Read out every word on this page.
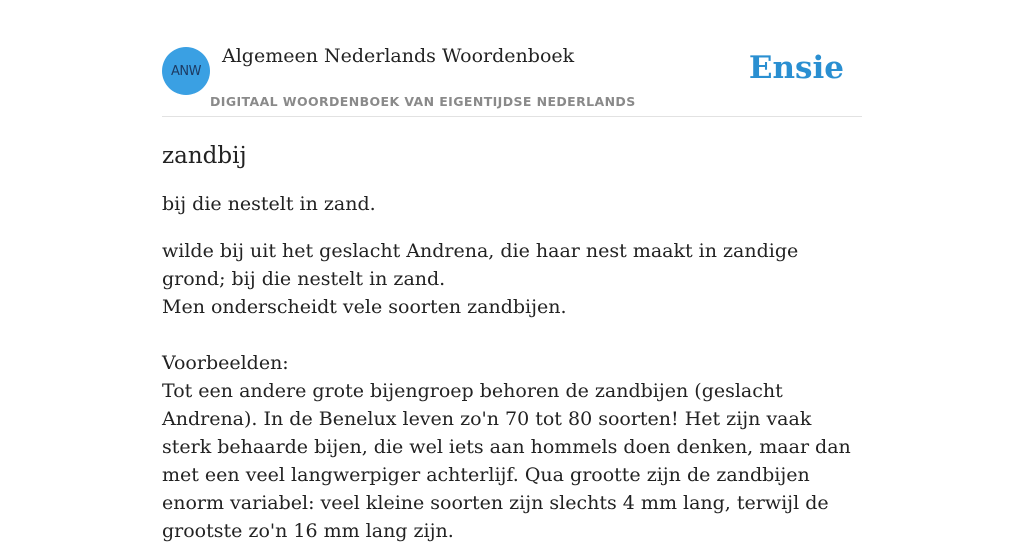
ANW
Algemeen Nederlands Woordenboek
DIGITAAL WOORDENBOEK VAN EIGENTIJDSE NEDERLANDS
Ensie
zandbij
bij die nestelt in zand.

wilde bij uit het geslacht Andrena, die haar nest maakt in zandige grond; bij die nestelt in zand.

Men onderscheidt vele soorten zandbijen.

Voorbeelden:

Tot een andere grote bijengroep behoren de zandbijen (geslacht Andrena). In de Benelux leven zo'n 70 tot 80 soorten! Het zijn vaak sterk behaarde bijen, die wel iets aan hommels doen denken, maar dan met een veel langwerpiger achterlijf. Qua grootte zijn de zandbijen enorm variabel: veel kleine soorten zijn slechts 4 mm lang, terwijl de grootste zo'n 16 mm lang zijn.
